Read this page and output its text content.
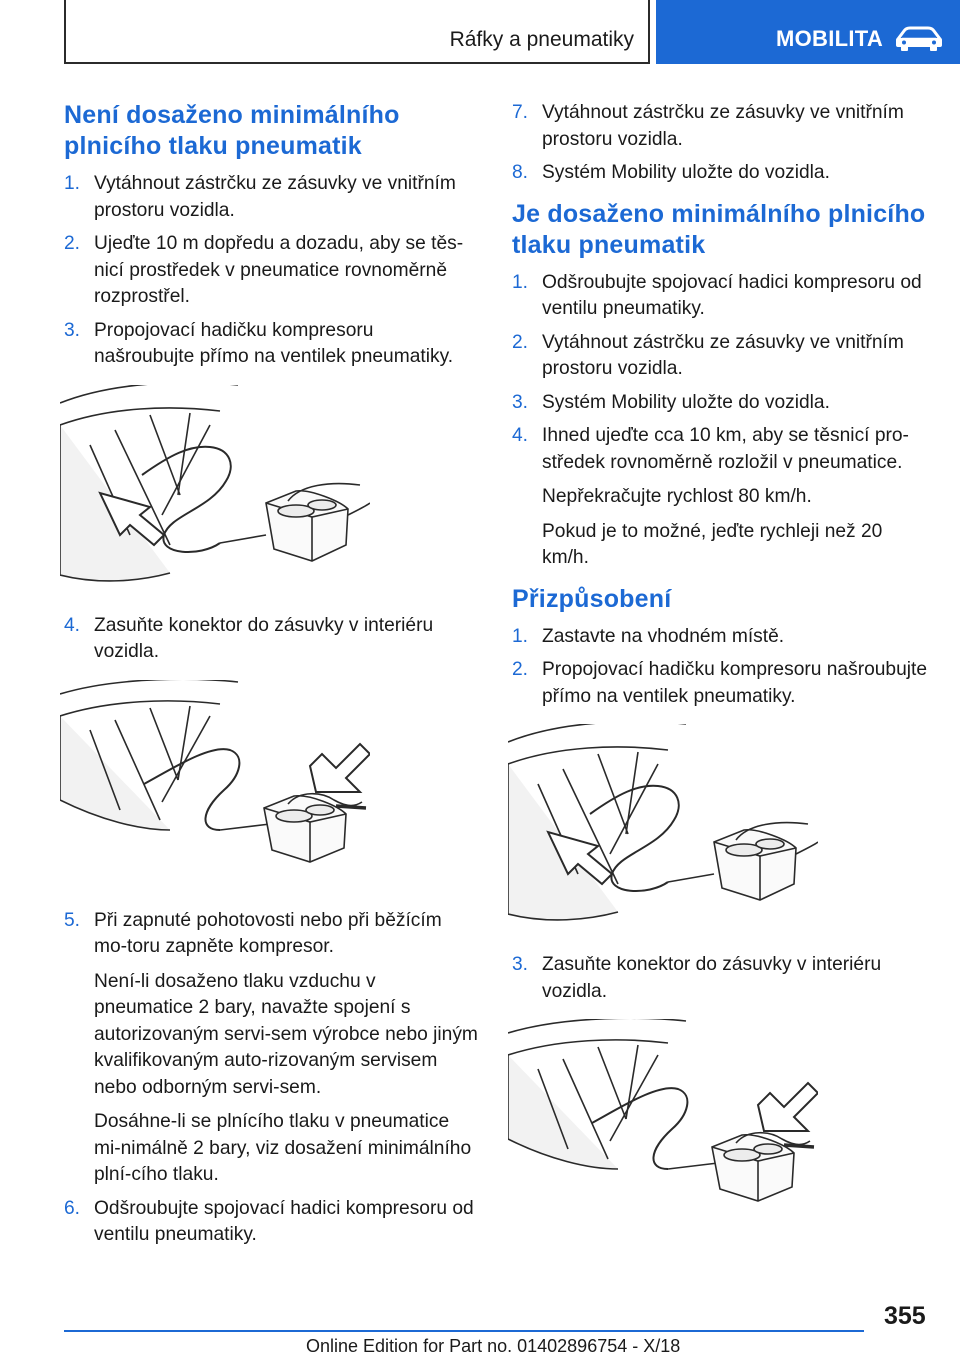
Ráfky a pneumatiky	MOBILITA
Není dosaženo minimálního plnicího tlaku pneumatik
1. Vytáhnout zástrčku ze zásuvky ve vnitřním prostoru vozidla.

2. Ujeďte 10 m dopředu a dozadu, aby se těs-nicí prostředek v pneumatice rovnoměrně rozprostřel.

3. Propojovací hadičku kompresoru našroubujte přímo na ventilek pneumatiky.

4. Zasuňte konektor do zásuvky v interiéru vozidla.

5. Při zapnuté pohotovosti nebo při běžícím mo-toru zapněte kompresor.

Není-li dosaženo tlaku vzduchu v pneumatice 2 bary, navažte spojení s autorizovaným servi-sem výrobce nebo jiným kvalifikovaným auto-rizovaným servisem nebo odborným servi-sem.

Dosáhne-li se plnícího tlaku v pneumatice mi-nimálně 2 bary, viz dosažení minimálního plní-cího tlaku.

6. Odšroubujte spojovací hadici kompresoru od ventilu pneumatiky.

7. Vytáhnout zástrčku ze zásuvky ve vnitřním prostoru vozidla.

8. Systém Mobility uložte do vozidla.

Je dosaženo minimálního plnicího tlaku pneumatik
1. Odšroubujte spojovací hadici kompresoru od ventilu pneumatiky.

2. Vytáhnout zástrčku ze zásuvky ve vnitřním prostoru vozidla.

3. Systém Mobility uložte do vozidla.

4. Ihned ujeďte cca 10 km, aby se těsnicí pro-středek rovnoměrně rozložil v pneumatice.

Nepřekračujte rychlost 80 km/h.

Pokud je to možné, jeďte rychleji než 20 km/h.

Přizpůsobení
1. Zastavte na vhodném místě.

2. Propojovací hadičku kompresoru našroubujte přímo na ventilek pneumatiky.

3. Zasuňte konektor do zásuvky v interiéru vozidla.

355
Online Edition for Part no. 01402896754 - X/18
